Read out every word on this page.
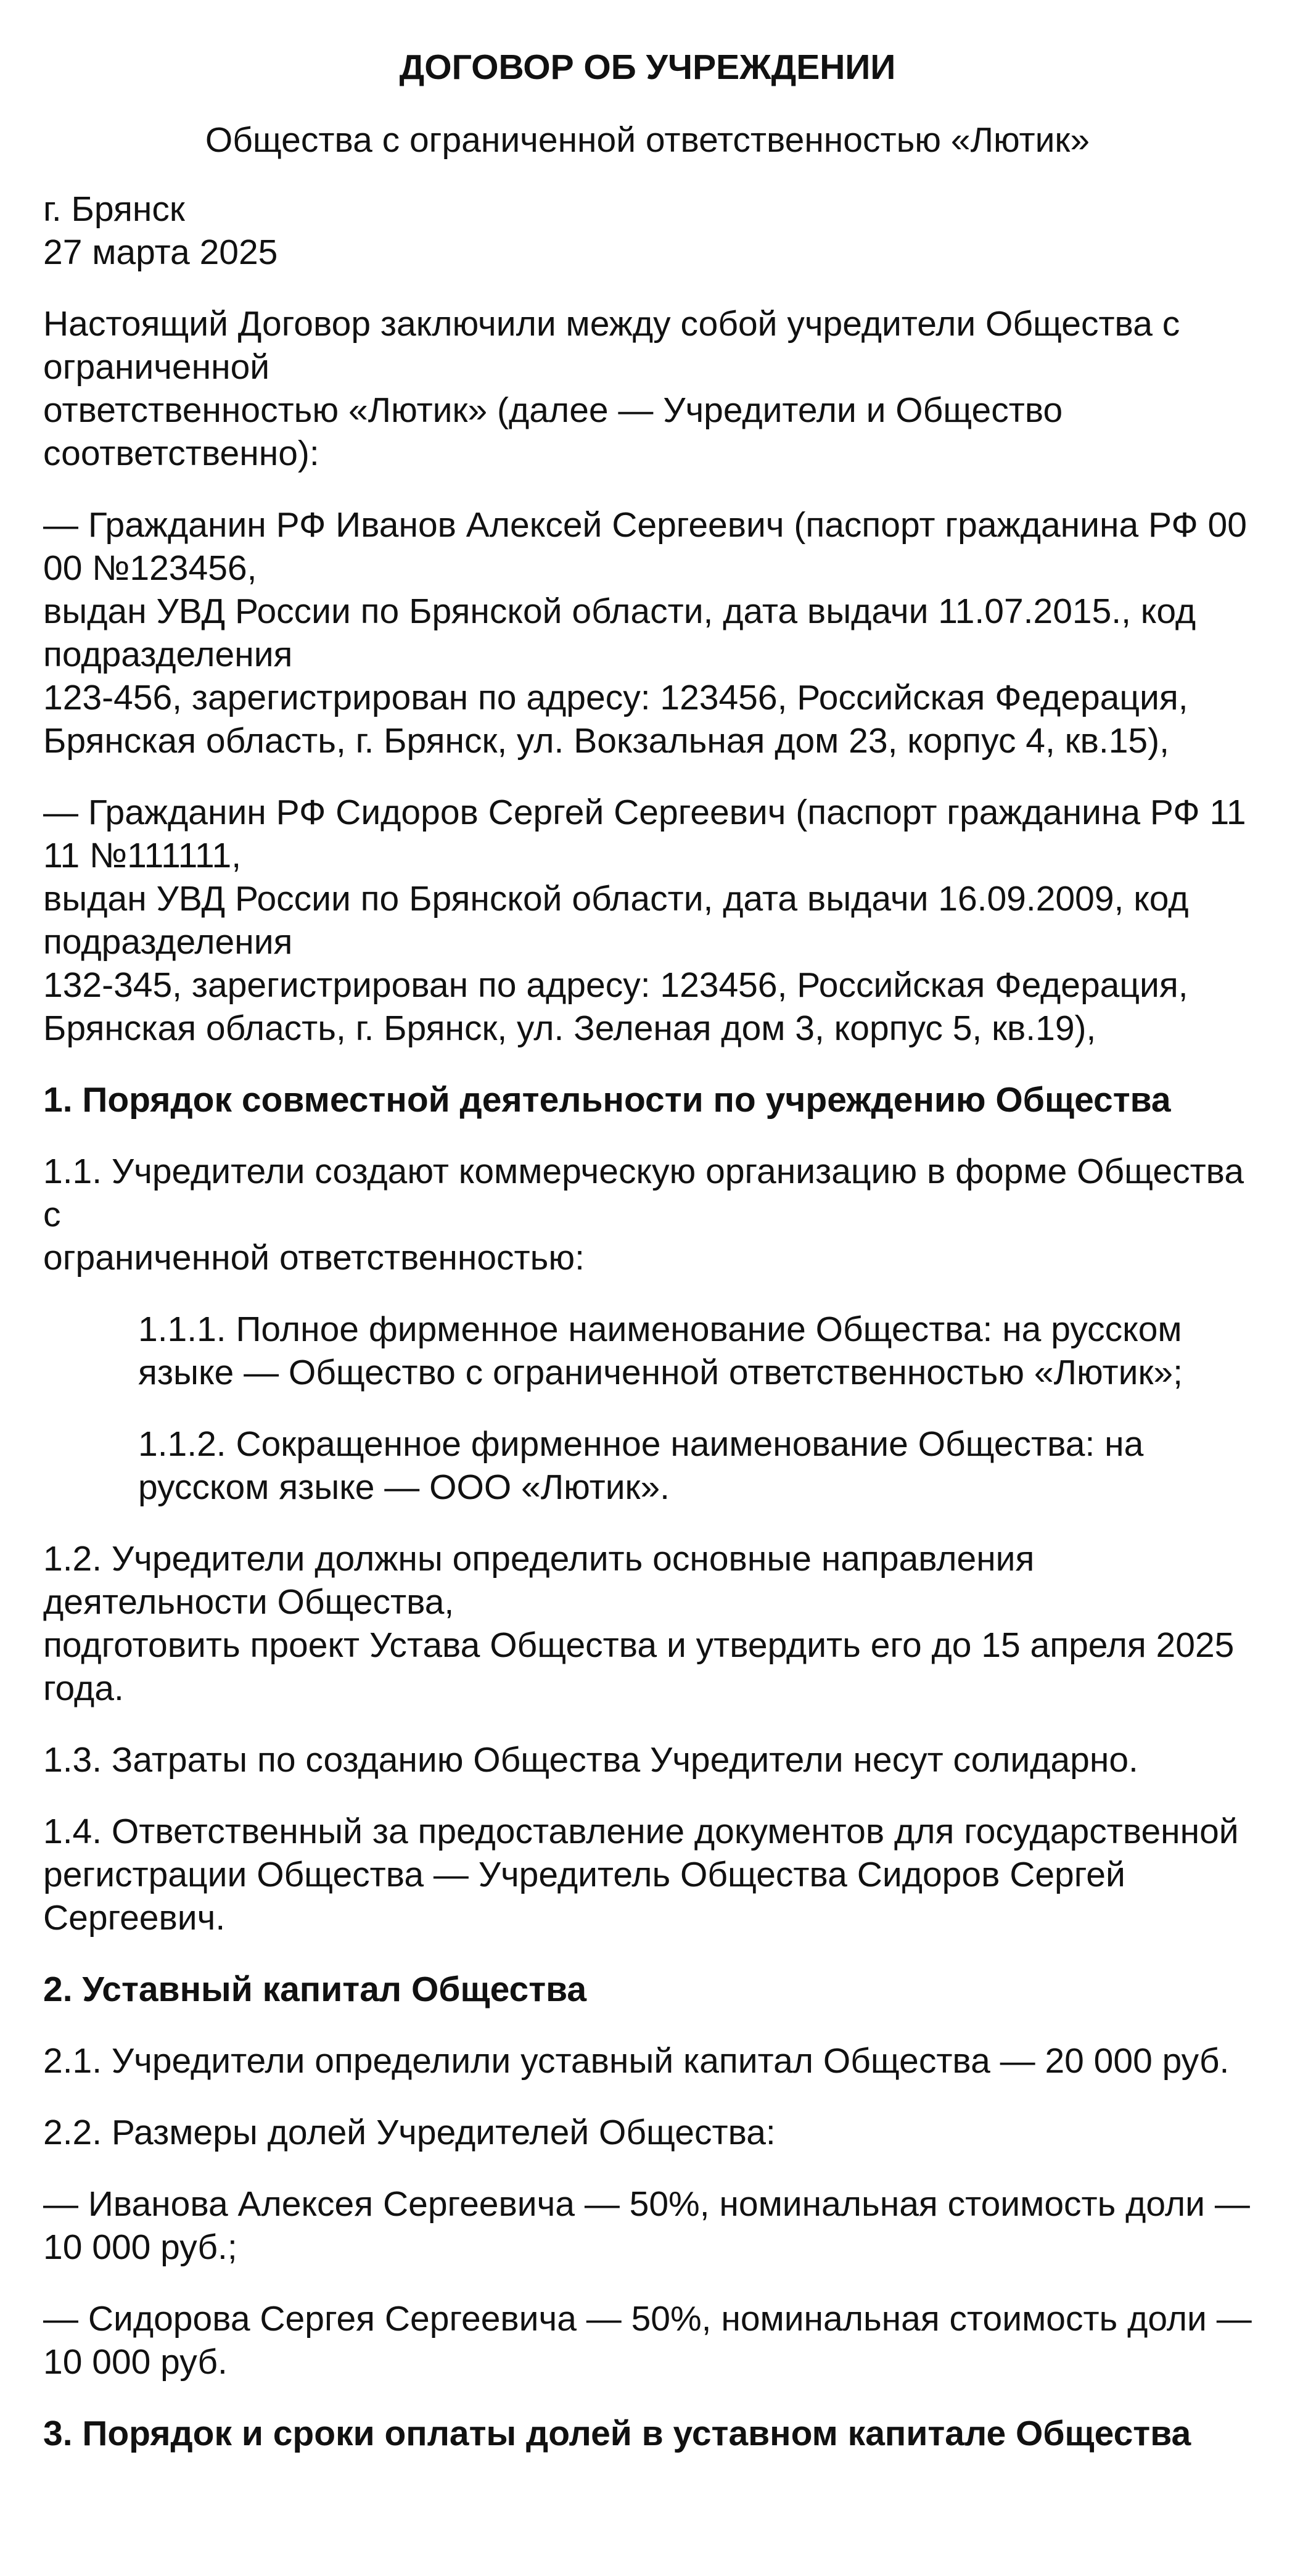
ДОГОВОР ОБ УЧРЕЖДЕНИИ

Общества с ограниченной ответственностью «Лютик»

г. Брянск
27 марта 2025

Настоящий Договор заключили между собой учредители Общества с ограниченной
ответственностью «Лютик» (далее — Учредители и Общество соответственно):

— Гражданин РФ Иванов Алексей Сергеевич (паспорт гражданина РФ 00 00 №123456,
выдан УВД России по Брянской области, дата выдачи 11.07.2015., код подразделения
123-456, зарегистрирован по адресу: 123456, Российская Федерация, Брянская область, г. Брянск, ул. Вокзальная дом 23, корпус 4, кв.15),

— Гражданин РФ Сидоров Сергей Сергеевич (паспорт гражданина РФ 11 11 №111111,
выдан УВД России по Брянской области, дата выдачи 16.09.2009, код подразделения
132-345, зарегистрирован по адресу: 123456, Российская Федерация, Брянская область, г. Брянск, ул. Зеленая дом 3, корпус 5, кв.19),

1. Порядок совместной деятельности по учреждению Общества

1.1. Учредители создают коммерческую организацию в форме Общества с
ограниченной ответственностью:

1.1.1. Полное фирменное наименование Общества: на русском языке — Общество с ограниченной ответственностью «Лютик»;

1.1.2. Сокращенное фирменное наименование Общества: на русском языке — ООО «Лютик».

1.2. Учредители должны определить основные направления деятельности Общества,
подготовить проект Устава Общества и утвердить его до 15 апреля 2025 года.

1.3. Затраты по созданию Общества Учредители несут солидарно.

1.4. Ответственный за предоставление документов для государственной регистрации Общества — Учредитель Общества Сидоров Сергей Сергеевич.

2. Уставный капитал Общества

2.1. Учредители определили уставный капитал Общества — 20 000 руб.

2.2. Размеры долей Учредителей Общества:

— Иванова Алексея Сергеевича — 50%, номинальная стоимость доли — 10 000 руб.;

— Сидорова Сергея Сергеевича — 50%, номинальная стоимость доли — 10 000 руб.

3. Порядок и сроки оплаты долей в уставном капитале Общества
